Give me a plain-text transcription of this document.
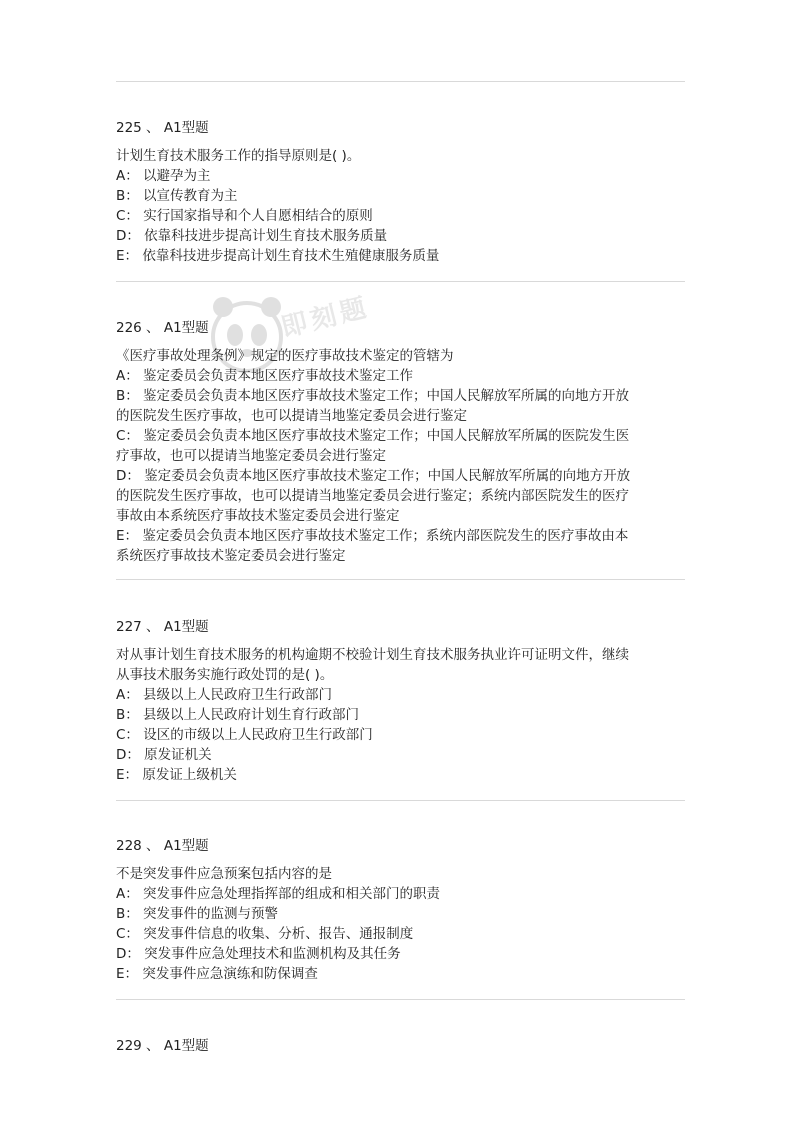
即刻题
225 、 A1型题
计划生育技术服务工作的指导原则是( )。
A： 以避孕为主
B： 以宣传教育为主
C： 实行国家指导和个人自愿相结合的原则
D： 依靠科技进步提高计划生育技术服务质量
E： 依靠科技进步提高计划生育技术生殖健康服务质量
226 、 A1型题
《医疗事故处理条例》规定的医疗事故技术鉴定的管辖为
A： 鉴定委员会负责本地区医疗事故技术鉴定工作
B： 鉴定委员会负责本地区医疗事故技术鉴定工作；中国人民解放军所属的向地方开放
的医院发生医疗事故，也可以提请当地鉴定委员会进行鉴定
C： 鉴定委员会负责本地区医疗事故技术鉴定工作；中国人民解放军所属的医院发生医
疗事故，也可以提请当地鉴定委员会进行鉴定
D： 鉴定委员会负责本地区医疗事故技术鉴定工作；中国人民解放军所属的向地方开放
的医院发生医疗事故，也可以提请当地鉴定委员会进行鉴定；系统内部医院发生的医疗
事故由本系统医疗事故技术鉴定委员会进行鉴定
E： 鉴定委员会负责本地区医疗事故技术鉴定工作；系统内部医院发生的医疗事故由本
系统医疗事故技术鉴定委员会进行鉴定
227 、 A1型题
对从事计划生育技术服务的机构逾期不校验计划生育技术服务执业许可证明文件，继续
从事技术服务实施行政处罚的是( )。
A： 县级以上人民政府卫生行政部门
B： 县级以上人民政府计划生育行政部门
C： 设区的市级以上人民政府卫生行政部门
D： 原发证机关
E： 原发证上级机关
228 、 A1型题
不是突发事件应急预案包括内容的是
A： 突发事件应急处理指挥部的组成和相关部门的职责
B： 突发事件的监测与预警
C： 突发事件信息的收集、分析、报告、通报制度
D： 突发事件应急处理技术和监测机构及其任务
E： 突发事件应急演练和防保调查
229 、 A1型题
